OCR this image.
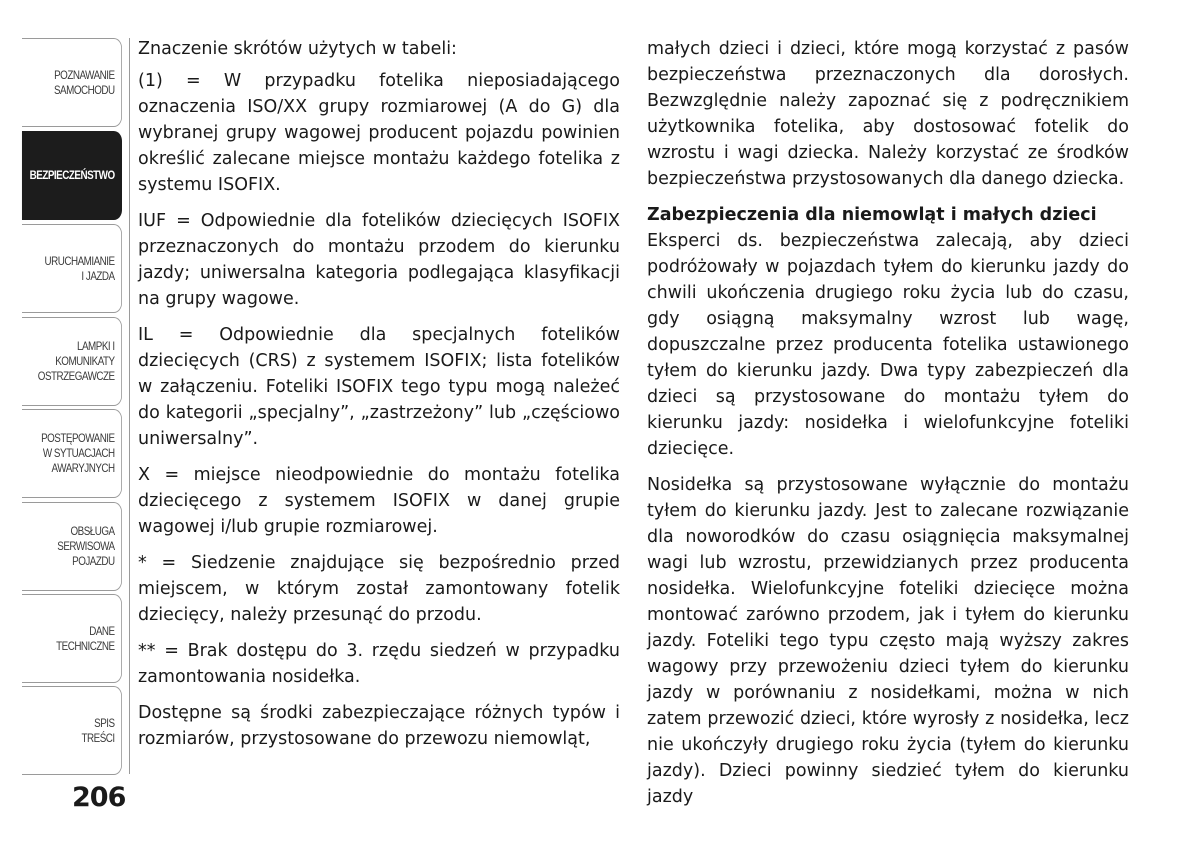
POZNAWANIE
SAMOCHODU
BEZPIECZEŃSTWO
URUCHAMIANIE
I JAZDA
LAMPKI I
KOMUNIKATY
OSTRZEGAWCZE
POSTĘPOWANIE
W SYTUACJACH
AWARYJNYCH
OBSŁUGA
SERWISOWA
POJAZDU
DANE
TECHNICZNE
SPIS
TREŚCI
206

Znaczenie skrótów użytych w tabeli:

(1) = W przypadku fotelika nieposiadającego oznaczenia ISO/XX grupy rozmiarowej (A do G) dla wybranej grupy wagowej producent pojazdu powinien określić zalecane miejsce montażu każdego fotelika z systemu ISOFIX.

IUF = Odpowiednie dla fotelików dziecięcych ISOFIX przeznaczonych do montażu przodem do kierunku jazdy; uniwersalna kategoria podlegająca klasyfikacji na grupy wagowe.

IL = Odpowiednie dla specjalnych fotelików dziecięcych (CRS) z systemem ISOFIX; lista fotelików w załączeniu. Foteliki ISOFIX tego typu mogą należeć do kategorii „specjalny”, „zastrzeżony” lub „częściowo uniwersalny”.

X = miejsce nieodpowiednie do montażu fotelika dziecięcego z systemem ISOFIX w danej grupie wagowej i/lub grupie rozmiarowej.

* = Siedzenie znajdujące się bezpośrednio przed miejscem, w którym został zamontowany fotelik dziecięcy, należy przesunąć do przodu.

** = Brak dostępu do 3. rzędu siedzeń w przypadku zamontowania nosidełka.

Dostępne są środki zabezpieczające różnych typów i rozmiarów, przystosowane do przewozu niemowląt,

małych dzieci i dzieci, które mogą korzystać z pasów bezpieczeństwa przeznaczonych dla dorosłych. Bezwzględnie należy zapoznać się z podręcznikiem użytkownika fotelika, aby dostosować fotelik do wzrostu i wagi dziecka. Należy korzystać ze środków bezpieczeństwa przystosowanych dla danego dziecka.

Zabezpieczenia dla niemowląt i małych dzieci

Eksperci ds. bezpieczeństwa zalecają, aby dzieci podróżowały w pojazdach tyłem do kierunku jazdy do chwili ukończenia drugiego roku życia lub do czasu, gdy osiągną maksymalny wzrost lub wagę, dopuszczalne przez producenta fotelika ustawionego tyłem do kierunku jazdy. Dwa typy zabezpieczeń dla dzieci są przystosowane do montażu tyłem do kierunku jazdy: nosidełka i wielofunkcyjne foteliki dziecięce.

Nosidełka są przystosowane wyłącznie do montażu tyłem do kierunku jazdy. Jest to zalecane rozwiązanie dla noworodków do czasu osiągnięcia maksymalnej wagi lub wzrostu, przewidzianych przez producenta nosidełka. Wielofunkcyjne foteliki dziecięce można montować zarówno przodem, jak i tyłem do kierunku jazdy. Foteliki tego typu często mają wyższy zakres wagowy przy przewożeniu dzieci tyłem do kierunku jazdy w porównaniu z nosidełkami, można w nich zatem przewozić dzieci, które wyrosły z nosidełka, lecz nie ukończyły drugiego roku życia (tyłem do kierunku jazdy). Dzieci powinny siedzieć tyłem do kierunku jazdy
